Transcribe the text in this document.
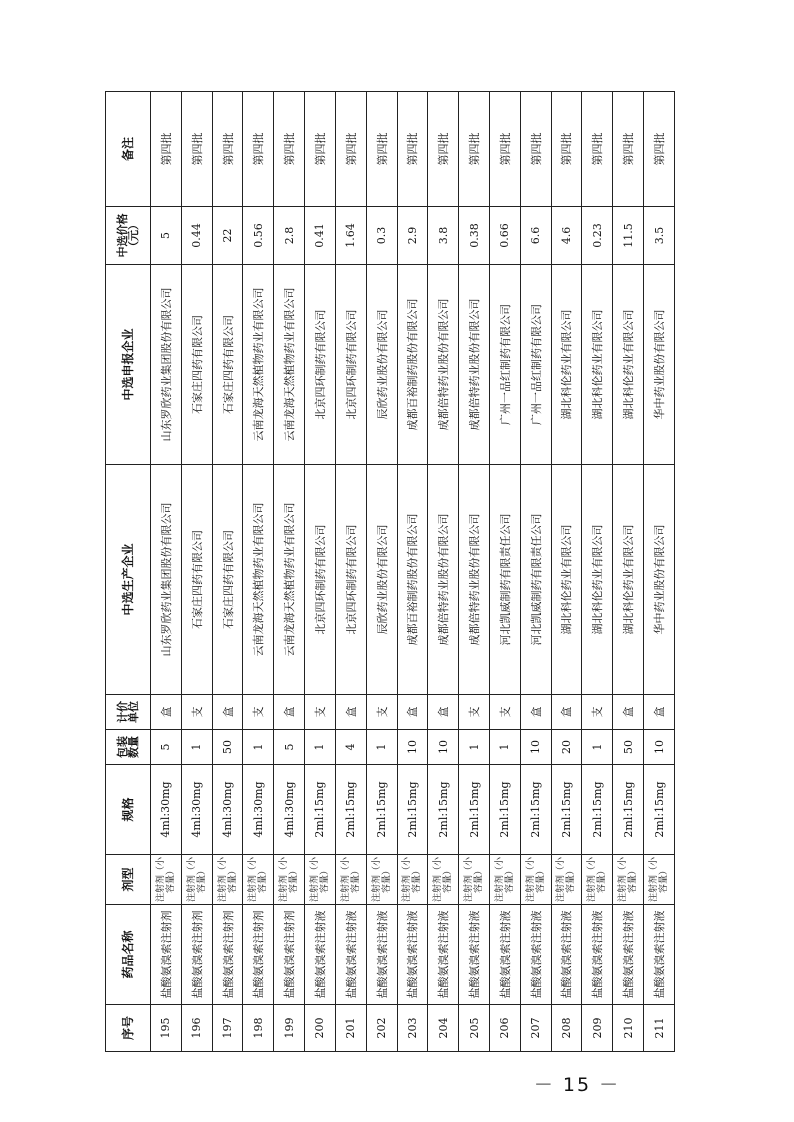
序号	药品名称	剂型	规格	包装数量	计价单位	中选生产企业	中选申报企业	中选价格（元）	备注
195	盐酸氨溴索注射剂	注射剂（小容量）	4ml:30mg	5	盒	山东罗欣药业集团股份有限公司	山东罗欣药业集团股份有限公司	5	第四批
196	盐酸氨溴索注射剂	注射剂（小容量）	4ml:30mg	1	支	石家庄四药有限公司	石家庄四药有限公司	0.44	第四批
197	盐酸氨溴索注射剂	注射剂（小容量）	4ml:30mg	50	盒	石家庄四药有限公司	石家庄四药有限公司	22	第四批
198	盐酸氨溴索注射剂	注射剂（小容量）	4ml:30mg	1	支	云南龙海天然植物药业有限公司	云南龙海天然植物药业有限公司	0.56	第四批
199	盐酸氨溴索注射剂	注射剂（小容量）	4ml:30mg	5	盒	云南龙海天然植物药业有限公司	云南龙海天然植物药业有限公司	2.8	第四批
200	盐酸氨溴索注射液	注射剂（小容量）	2ml:15mg	1	支	北京四环制药有限公司	北京四环制药有限公司	0.41	第四批
201	盐酸氨溴索注射液	注射剂（小容量）	2ml:15mg	4	盒	北京四环制药有限公司	北京四环制药有限公司	1.64	第四批
202	盐酸氨溴索注射液	注射剂（小容量）	2ml:15mg	1	支	辰欣药业股份有限公司	辰欣药业股份有限公司	0.3	第四批
203	盐酸氨溴索注射液	注射剂（小容量）	2ml:15mg	10	盒	成都百裕制药股份有限公司	成都百裕制药股份有限公司	2.9	第四批
204	盐酸氨溴索注射液	注射剂（小容量）	2ml:15mg	10	盒	成都倍特药业股份有限公司	成都倍特药业股份有限公司	3.8	第四批
205	盐酸氨溴索注射液	注射剂（小容量）	2ml:15mg	1	支	成都倍特药业股份有限公司	成都倍特药业股份有限公司	0.38	第四批
206	盐酸氨溴索注射液	注射剂（小容量）	2ml:15mg	1	支	河北凯威制药有限责任公司	广州一品红制药有限公司	0.66	第四批
207	盐酸氨溴索注射液	注射剂（小容量）	2ml:15mg	10	盒	河北凯威制药有限责任公司	广州一品红制药有限公司	6.6	第四批
208	盐酸氨溴索注射液	注射剂（小容量）	2ml:15mg	20	盒	湖北科伦药业有限公司	湖北科伦药业有限公司	4.6	第四批
209	盐酸氨溴索注射液	注射剂（小容量）	2ml:15mg	1	支	湖北科伦药业有限公司	湖北科伦药业有限公司	0.23	第四批
210	盐酸氨溴索注射液	注射剂（小容量）	2ml:15mg	50	盒	湖北科伦药业有限公司	湖北科伦药业有限公司	11.5	第四批
211	盐酸氨溴索注射液	注射剂（小容量）	2ml:15mg	10	盒	华中药业股份有限公司	华中药业股份有限公司	3.5	第四批
－ 15 －
